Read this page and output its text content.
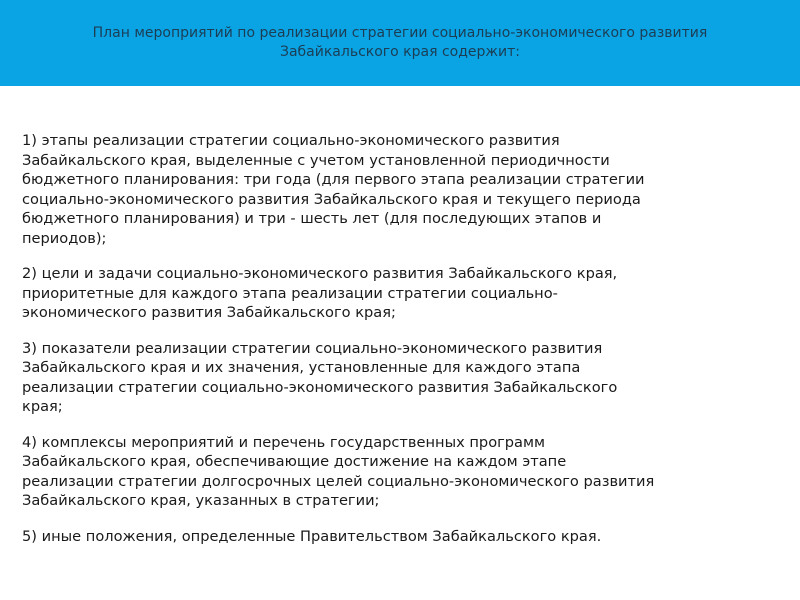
План мероприятий по реализации стратегии социально-экономического развития
Забайкальского края содержит:

1) этапы реализации стратегии социально-экономического развития
Забайкальского края, выделенные с учетом установленной периодичности
бюджетного планирования: три года (для первого этапа реализации стратегии
социально-экономического развития Забайкальского края и текущего периода
бюджетного планирования) и три - шесть лет (для последующих этапов и
периодов);

2) цели и задачи социально-экономического развития Забайкальского края,
приоритетные для каждого этапа реализации стратегии социально-
экономического развития Забайкальского края;

3) показатели реализации стратегии социально-экономического развития
Забайкальского края и их значения, установленные для каждого этапа
реализации стратегии социально-экономического развития Забайкальского
края;

4) комплексы мероприятий и перечень государственных программ
Забайкальского края, обеспечивающие достижение на каждом этапе
реализации стратегии долгосрочных целей социально-экономического развития
Забайкальского края, указанных в стратегии;

5) иные положения, определенные Правительством Забайкальского края.
